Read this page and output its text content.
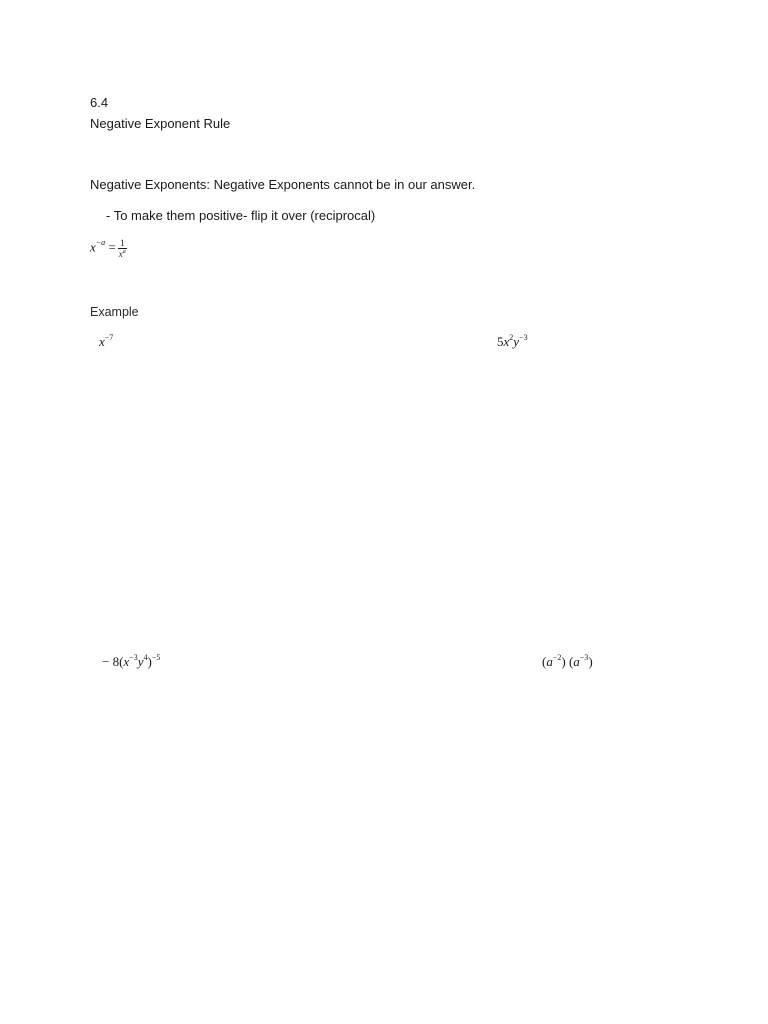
6.4
Negative Exponent Rule
Negative Exponents: Negative Exponents cannot be in our answer.
- To make them positive- flip it over (reciprocal)
$x^{-a} = \frac{1}{x^a}$
Example
$x^{-7}$	$5x^2y^{-3}$
− $8(x^{-3}y^4)^{-5}$	$(a^{-2})$ $(a^{-3})$
